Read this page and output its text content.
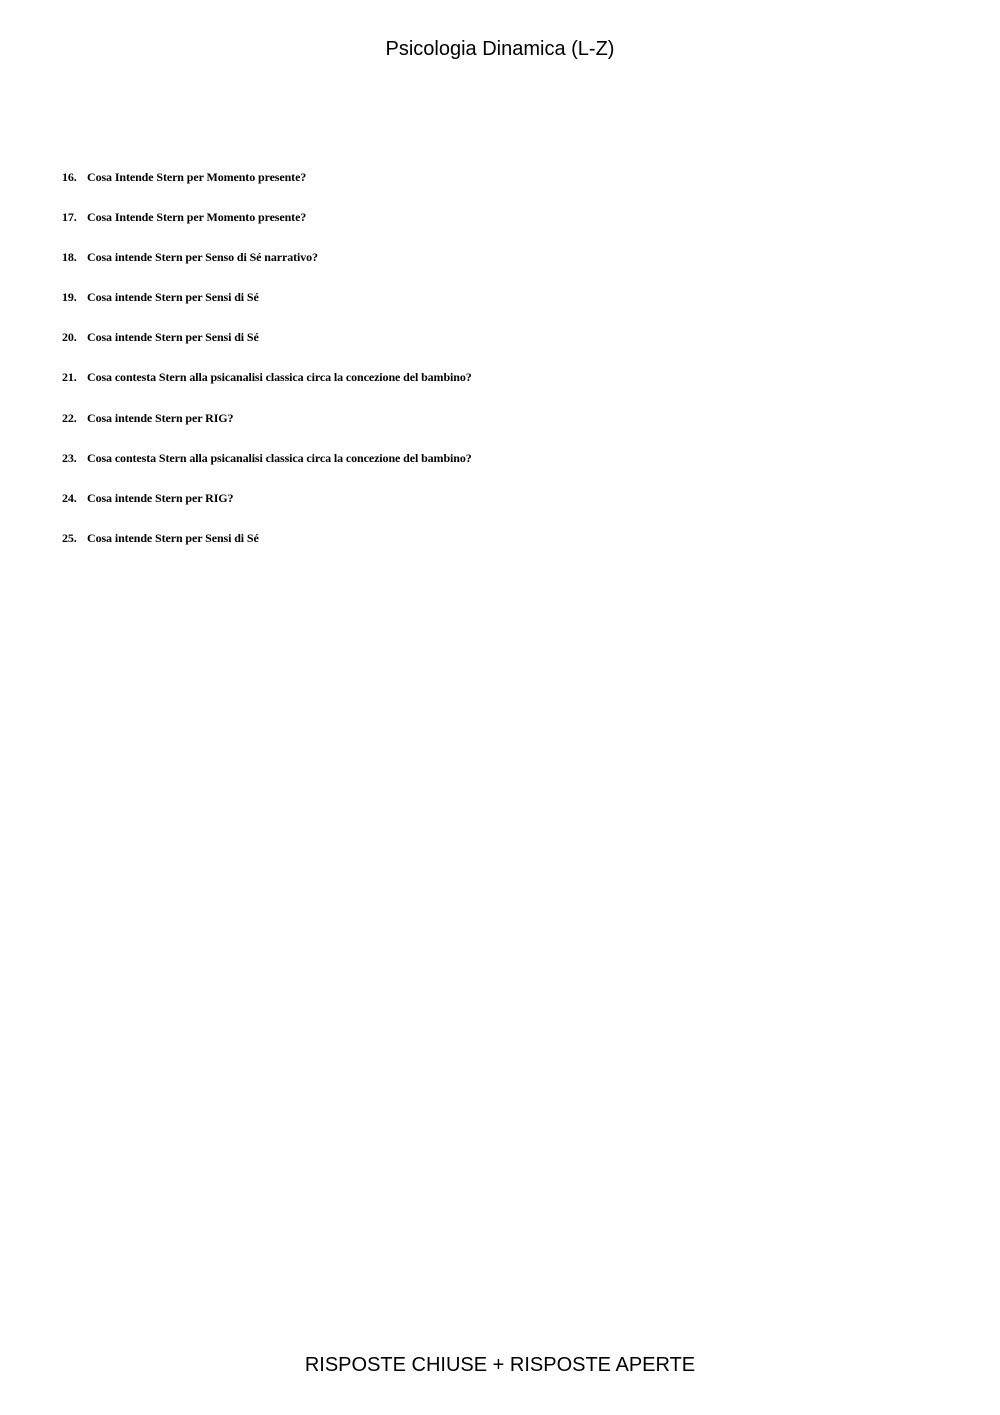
Psicologia Dinamica (L-Z)
16. Cosa Intende Stern per Momento presente?
17. Cosa Intende Stern per Momento presente?
18. Cosa intende Stern per Senso di Sé narrativo?
19. Cosa intende Stern per Sensi di Sé
20. Cosa intende Stern per Sensi di Sé
21. Cosa contesta Stern alla psicanalisi classica circa la concezione del bambino?
22. Cosa intende Stern per RIG?
23. Cosa contesta Stern alla psicanalisi classica circa la concezione del bambino?
24. Cosa intende Stern per RIG?
25. Cosa intende Stern per Sensi di Sé
RISPOSTE CHIUSE + RISPOSTE APERTE
